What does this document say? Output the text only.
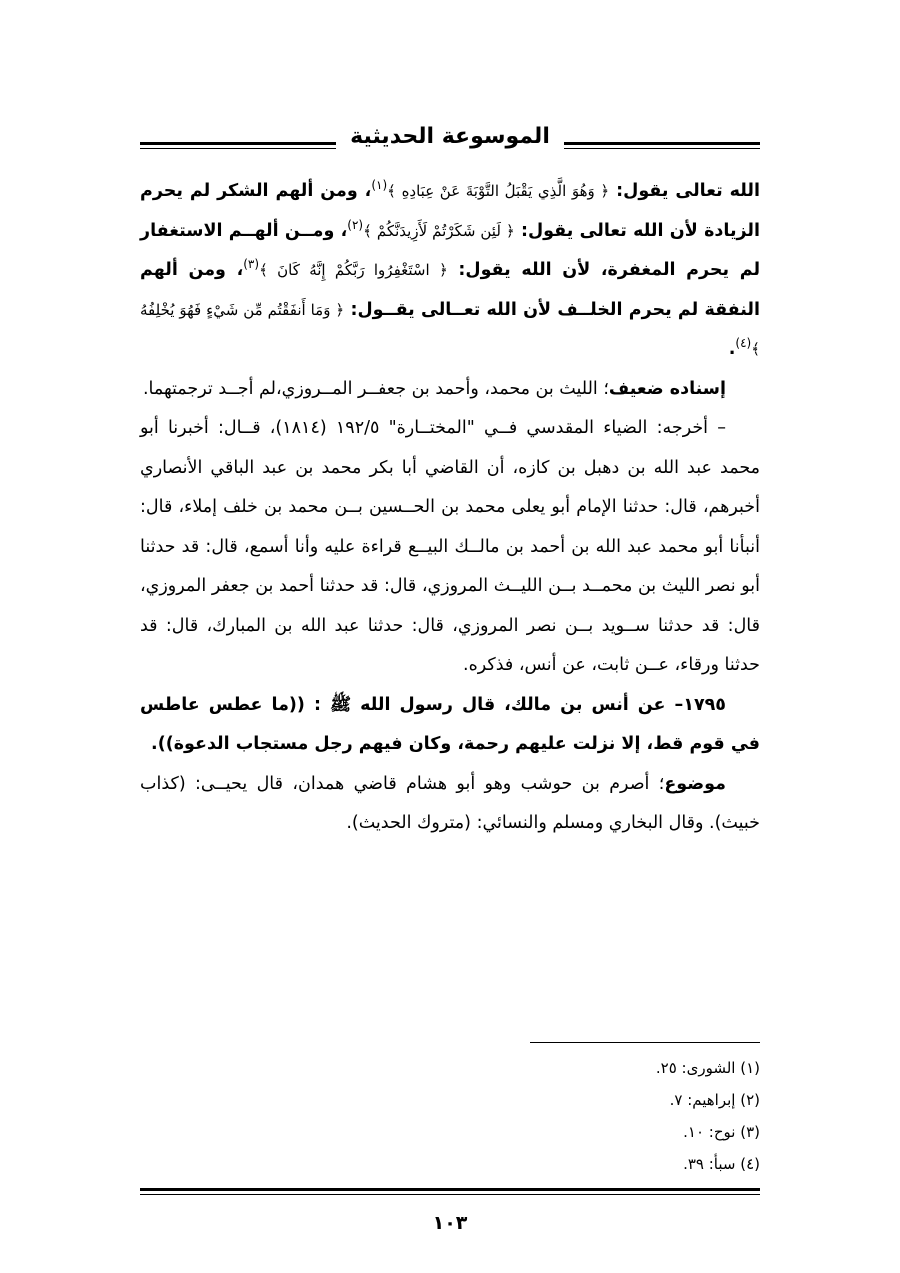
الموسوعة الحديثية

الله تعالى يقول: ﴿ وَهُوَ الَّذِي يَقْبَلُ التَّوْبَةَ عَنْ عِبَادِهِ ﴾$^{(١)}$، ومن ألهم الشكر لم يحرم الزيادة لأن الله تعالى يقول: ﴿ لَئِن شَكَرْتُمْ لَأَزِيدَنَّكُمْ ﴾$^{(٢)}$، ومــن ألهــم الاستغفار لم يحرم المغفرة، لأن الله يقول: ﴿ اسْتَغْفِرُوا رَبَّكُمْ إِنَّهُ كَانَ ﴾$^{(٣)}$، ومن ألهم النفقة لم يحرم الخلــف لأن الله تعــالى يقــول: ﴿ وَمَا أَنفَقْتُم مِّن شَيْءٍ فَهُوَ يُخْلِفُهُ ﴾$^{(٤)}$.

إسناده ضعيف؛ الليث بن محمد، وأحمد بن جعفــر المــروزي،لم أجــد ترجمتهما.

– أخرجه: الضياء المقدسي فــي "المختــارة" ١٩٢/٥ (١٨١٤)، قــال: أخبرنا أبو محمد عبد الله بن دهبل بن كازه، أن القاضي أبا بكر محمد بن عبد الباقي الأنصاري أخبرهم، قال: حدثنا الإمام أبو يعلى محمد بن الحــسين بــن محمد بن خلف إملاء، قال: أنبأنا أبو محمد عبد الله بن أحمد بن مالــك البيــع قراءة عليه وأنا أسمع، قال: قد حدثنا أبو نصر الليث بن محمــد بــن الليــث المروزي، قال: قد حدثنا أحمد بن جعفر المروزي، قال: قد حدثنا ســويد بــن نصر المروزي، قال: حدثنا عبد الله بن المبارك، قال: قد حدثنا ورقاء، عــن ثابت، عن أنس، فذكره.

١٧٩٥– عن أنس بن مالك، قال رسول الله ﷺ : ((ما عطس عاطس في قوم قط، إلا نزلت عليهم رحمة، وكان فيهم رجل مستجاب الدعوة)).

موضوع؛ أصرم بن حوشب وهو أبو هشام قاضي همدان، قال يحيــى: (كذاب خبيث). وقال البخاري ومسلم والنسائي: (متروك الحديث).

(١) الشورى: ٢٥.
(٢) إبراهيم: ٧.
(٣) نوح: ١٠.
(٤) سبأ: ٣٩.
١٠٣
